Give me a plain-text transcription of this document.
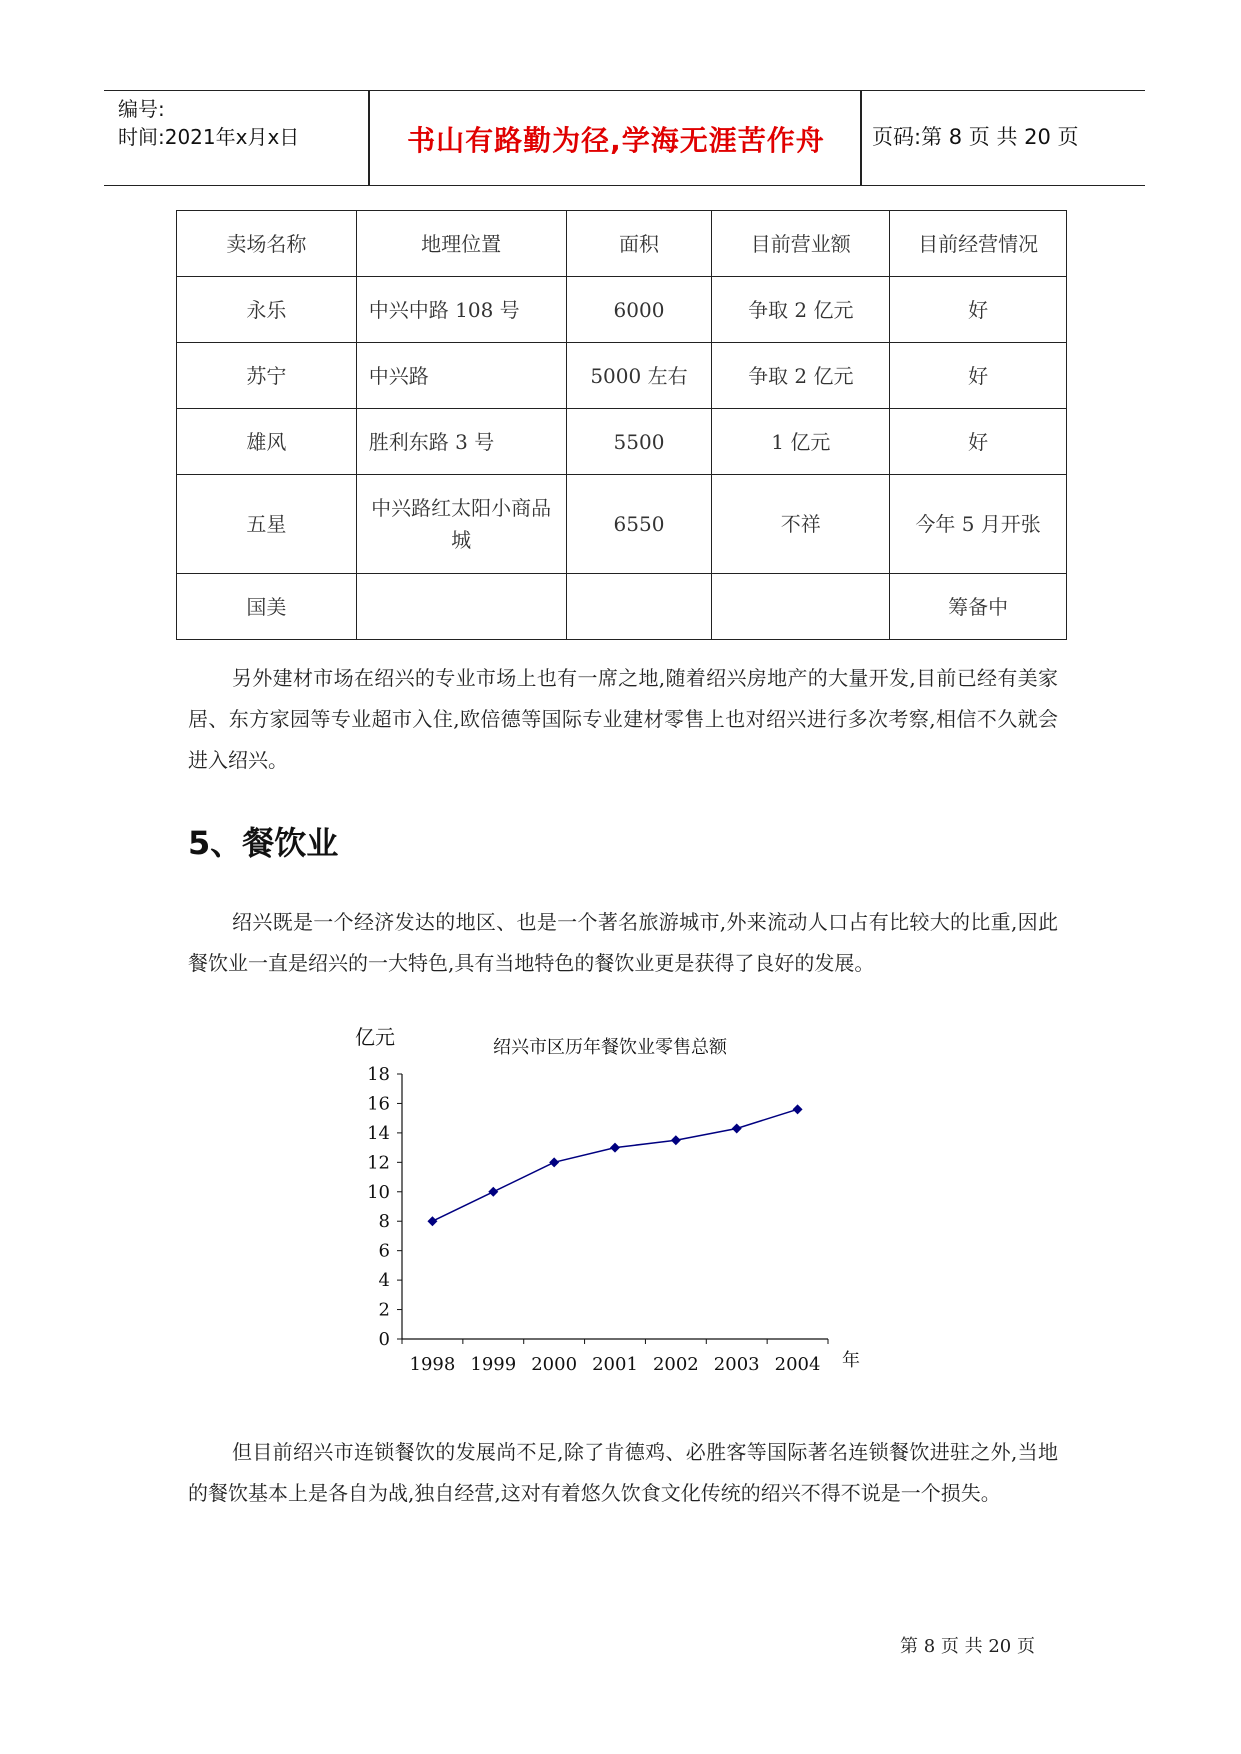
编号:
时间:2021年x月x日	书山有路勤为径,学海无涯苦作舟	页码:第 8 页 共 20 页
卖场名称	地理位置	面积	目前营业额	目前经营情况
永乐	中兴中路 108 号	6000	争取 2 亿元	好
苏宁	中兴路	5000 左右	争取 2 亿元	好
雄风	胜利东路 3 号	5500	1 亿元	好
五星	中兴路红太阳小商品城	6550	不祥	今年 5 月开张
国美				筹备中
另外建材市场在绍兴的专业市场上也有一席之地,随着绍兴房地产的大量开发,目前已经有美家居、东方家园等专业超市入住,欧倍德等国际专业建材零售上也对绍兴进行多次考察,相信不久就会进入绍兴。
5、餐饮业
绍兴既是一个经济发达的地区、也是一个著名旅游城市,外来流动人口占有比较大的比重,因此餐饮业一直是绍兴的一大特色,具有当地特色的餐饮业更是获得了良好的发展。
亿元	绍兴市区历年餐饮业零售总额
年
0
2
4
6
8
10
12
14
16
18
1998 1999 2000 2001 2002 2003 2004
但目前绍兴市连锁餐饮的发展尚不足,除了肯德鸡、必胜客等国际著名连锁餐饮进驻之外,当地的餐饮基本上是各自为战,独自经营,这对有着悠久饮食文化传统的绍兴不得不说是一个损失。
第 8 页 共 20 页
